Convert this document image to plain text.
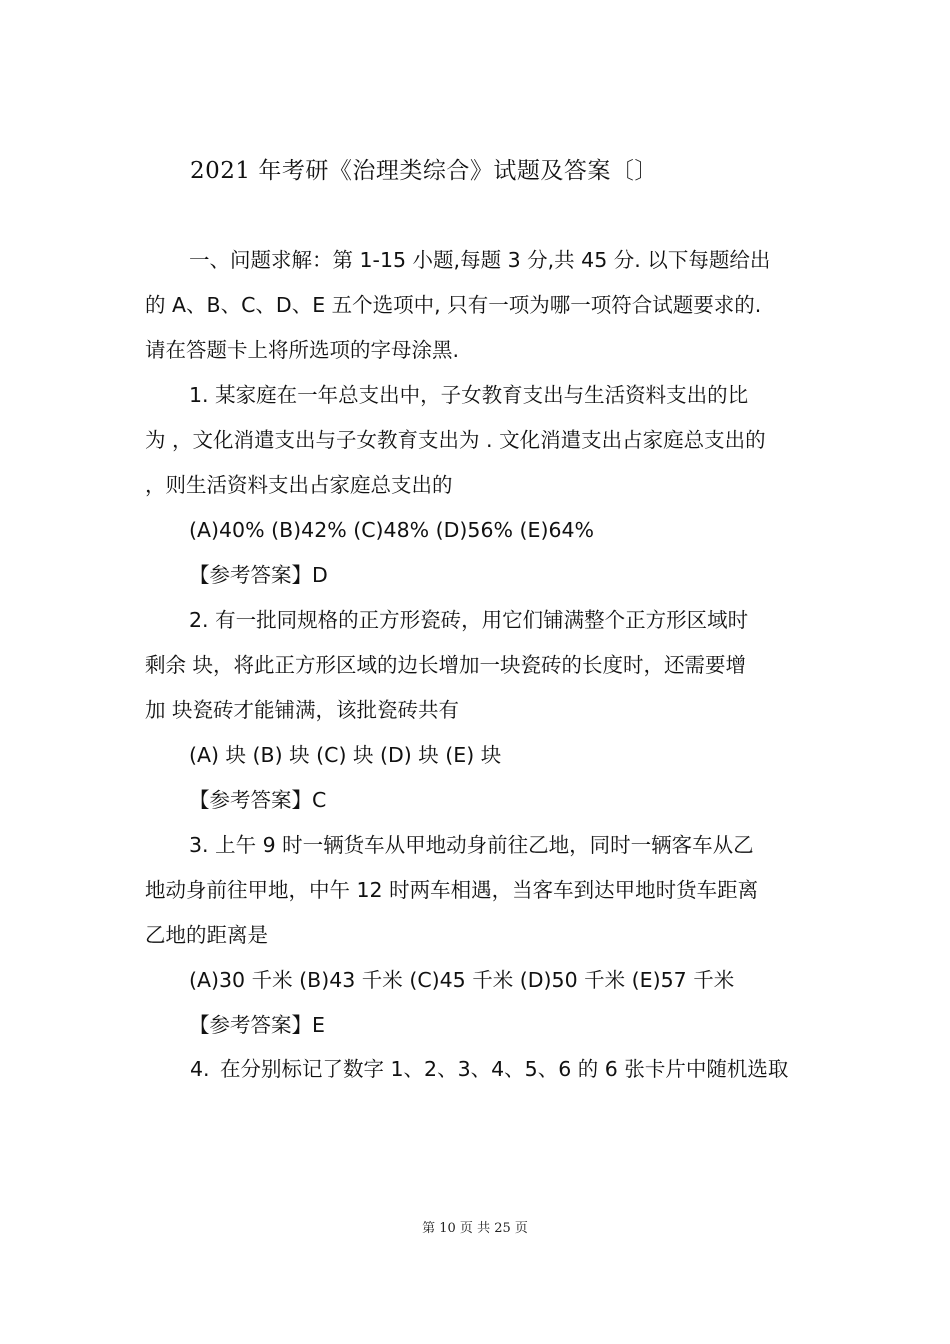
2021 年考研《治理类综合》试题及答案〔〕
一、问题求解：第 1-15 小题,每题 3 分,共 45 分. 以下每题给出
的 A、B、C、D、E 五个选项中, 只有一项为哪一项符合试题要求的.
请在答题卡上将所选项的字母涂黑.
1. 某家庭在一年总支出中，子女教育支出与生活资料支出的比
为 ，文化消遣支出与子女教育支出为 . 文化消遣支出占家庭总支出的
，则生活资料支出占家庭总支出的
(A)40% (B)42% (C)48% (D)56% (E)64%
【参考答案】D
2. 有一批同规格的正方形瓷砖，用它们铺满整个正方形区域时
剩余 块，将此正方形区域的边长增加一块瓷砖的长度时，还需要增
加 块瓷砖才能铺满，该批瓷砖共有
(A) 块 (B) 块 (C) 块 (D) 块 (E) 块
【参考答案】C
3. 上午 9 时一辆货车从甲地动身前往乙地，同时一辆客车从乙
地动身前往甲地，中午 12 时两车相遇，当客车到达甲地时货车距离
乙地的距离是
(A)30 千米 (B)43 千米 (C)45 千米 (D)50 千米 (E)57 千米
【参考答案】E
4. 在分别标记了数字 1、2、3、4、5、6 的 6 张卡片中随机选取
第 10 页 共 25 页
